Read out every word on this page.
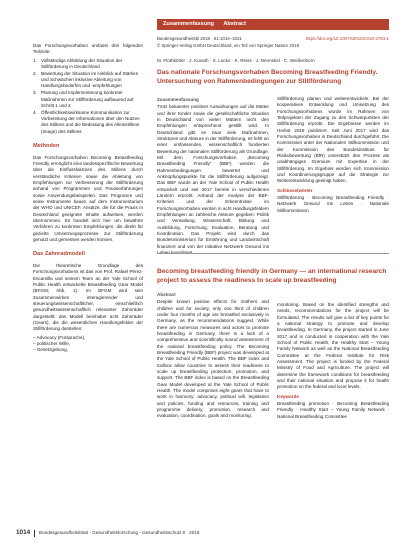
Das Forschungsvorhaben umfasst drei folgenden Teilziele:

1. Vollständige Abbildung der Situation der Stillförderung in Deutschland
2. Bewertung der Situation im Hinblick auf Stärken und Schwächen inklusive Ableitung von Handlungsbedarfen und -empfehlungen
3. Planung und Implementierung konkreter Maßnahmen zur Stillförderung aufbauend auf Schritt 1 und 2
4. Öffentlichkeitswirksame Kommunikation zur Vorbereitung der Informationen über den Nutzen des Stillens und die Bedeutung des Alleinstillens (Image) des Stillens
Methoden

Das Forschungsvorhaben Becoming Breastfeeding Friendly ermöglicht eine landesspezifische Bewertung über die Einflussfaktoren des Stillens durch verständliche Kriterien sowie die Ableitung von Empfehlungen zur Verbesserung der Stillförderung anhand von Programmen und Praxiserfahrungen sowie Anwendungsbeispielen. Das Programm und seine Instrumente bauen auf dem Instrumentarium der WHO und UNICEF. Ansätze, die für die Praxis in Deutschland geeignete Inhalte aufweisen, werden übernommen. Es handelt sich hier um bewährte Verfahren zu konkreten Empfehlungen, die direkt für gezielte Umsetzungsprozesse zur Stillförderung genutzt und gemessen werden können.

Das Zahnradmodell

Die theoretische Grundlage des Forschungsvorhabens ist das von Prof. Rafael Pérez-Escamilla und seinem Team an der Yale School of Public Health entwickelte Breastfeeding Gear Model (BFGM; Abb. 1). Im BFGM wird sein Zusammenwirken interagierender und steuerungswissenschaftlicher, einschließlich gesundheitswissenschaftlich relevanter Zahnräder dargestellt: das Modell beinhaltet acht Zahnräder (Gears), die die wesentlichen Handlungsfelder der Stillförderung darstellen:

– Advocacy (Fürsprache),
– politischer Wille,
– Gesetzgebung,
Zusammenfassung Abstract
Bundesgesundheitsbl 2018 · 61:1014–1021	https://doi.org/10.1007/s00103-018-2784-1
© Springer-Verlag GmbH Deutschland, ein Teil von Springer Nature 2018
M. Flothkötter · J. Kunath · S. Lücke · K. Reiss · J. Nennstiel · C. Weißenborn
Das nationale Forschungsvorhaben Becoming Breastfeeding Friendly. Untersuchung von Rahmenbedingungen zur Stillförderung
Zusammenfassung

Trotz bekannter positiver Auswirkungen auf die Mütter und ihrer Kinder sowie die gesellschaftliche Situation in Deutschland von vielen Müttern nicht den Empfehlungen entsprechend gestillt wird. In Deutschland gibt es zwar viele Maßnahmen, Strukturen und Akteure in der Stillförderung, es fehlt an einer umfassenden, wissenschaftlich fundierten Bewertung der nationalen Stillförderung als Grundlage. Mit dem Forschungsvorhaben „Becoming Breastfeeding Friendly“ (BBF) werden die Rahmenbedingungen bewertet und Anknüpfungspunkte für die Stillförderung aufgezeigt. Das BBF wurde an der Yale School of Public Health entwickelt und seit 2017 bereits in verschiedenen Ländern erprobt. Anhand der Analyse der BBF-Kriterien und der Erkenntnisse im Forschungsvorhaben werden in acht Handlungsfeldern Empfehlungen an zahlreiche Akteure gegeben: Politik und Verwaltung, Wissenschaft, Bildung und Ausbildung, Forschung, Evaluation, Beratung und Koordination. Das Projekt wird durch das Bundesministerium für Ernährung und Landwirtschaft finanziert und von der Initiative Netzwerk Gesund ins Leben koordiniert.

Stillförderung planen und weiterentwickeln. Bei der kooperativen Entwicklung und Umsetzung des Forschungsvorhabens wurde im Rahmen von Teilprojekten der Zugang zu den Schwerpunkten der Stillförderung erprobt. Die Ergebnisse werden im Herbst 2019 publiziert. Seit Juni 2017 wird das Forschungsvorhaben in Deutschland durchgeführt. Die Kommission unter der Nationalen Stillkommission und der Kommission des Bundesinstituts für Risikobewertung (BfR) unterstützt den Prozess als unabhängiges Gremium mit Expertise in der Stillförderung. Im Ergebnis werden sich Kommission und Koordinierungsgruppe auf die Strategie zur Weiterentwicklung geeinigt haben.

Schlüsselwörter

Stillförderung · Becoming Breastfeeding Friendly · Netzwerk Gesund ins Leben · Nationale Stillkommission

Becoming breastfeeding friendly in Germany — an international research project to assess the readiness to scale up breastfeeding
Abstract

Despite known positive effects for mothers and children and for society, only one third of children under four months of age are breastfed exclusively in Germany, as the recommendations suggest. While there are numerous measures and actors to promote breastfeeding in Germany, there is a lack of a comprehensive and scientifically sound assessment of the national breastfeeding policy. The Becoming Breastfeeding Friendly (BBF) project was developed at the Yale School of Public Health. The BBF index and toolbox allow countries to assess their readiness to scale up breastfeeding protection, promotion, and support. The BBF index is based on the Breastfeeding Gear Model developed at the Yale School of Public Health. The model comprises eight gears that have to work in harmony: advocacy, political will, legislation and policies, funding and resources, training and programme delivery, promotion, research and evaluation, coordination, goals and monitoring.

monitoring. Based on the identified strengths and needs, recommendations for the project will be formulated. The results will give a list of key points for a national strategy to promote and develop breastfeeding. In Germany, the project started in June 2017 and is conducted in cooperation with the Yale School of Public Health, the Healthy Start – Young Family Network as well as the National Breastfeeding Committee at the Federal Institute for Risk Assessment. The project is funded by the Federal Ministry of Food and Agriculture. The project will determine the framework conditions for breastfeeding and their national situation and propose it for health promotion on the federal and local levels.

Keywords

Breastfeeding promotion · Becoming Breastfeeding Friendly · Healthy Start – Young Family Network · National Breastfeeding Committee

1014 Bundesgesundheitsblatt - Gesundheitsforschung - Gesundheitsschutz 8 · 2018
